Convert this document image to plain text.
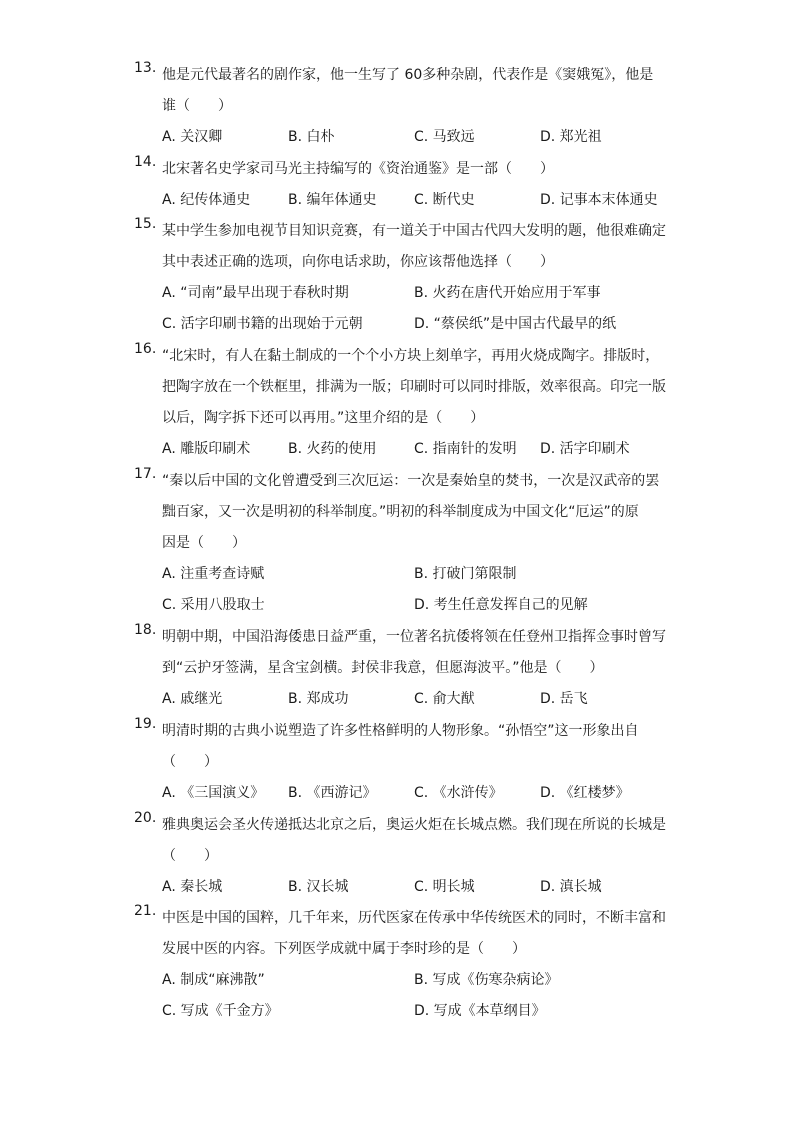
13. 他是元代最著名的剧作家，他一生写了 60多种杂剧，代表作是《窦娥冤》，他是
谁（　　）
A. 关汉卿	B. 白朴	C. 马致远	D. 郑光祖
14. 北宋著名史学家司马光主持编写的《资治通鉴》是一部（　　）
A. 纪传体通史	B. 编年体通史	C. 断代史	D. 记事本末体通史
15. 某中学生参加电视节目知识竞赛，有一道关于中国古代四大发明的题，他很难确定
其中表述正确的选项，向你电话求助，你应该帮他选择（　　）
A. “司南”最早出现于春秋时期	B. 火药在唐代开始应用于军事
C. 活字印刷书籍的出现始于元朝	D. “蔡侯纸”是中国古代最早的纸
16. “北宋时，有人在黏土制成的一个个小方块上刻单字，再用火烧成陶字。排版时，
把陶字放在一个铁框里，排满为一版；印刷时可以同时排版，效率很高。印完一版
以后，陶字拆下还可以再用。”这里介绍的是（　　）
A. 雕版印刷术	B. 火药的使用	C. 指南针的发明	D. 活字印刷术
17. “秦以后中国的文化曾遭受到三次厄运：一次是秦始皇的焚书，一次是汉武帝的罢
黜百家，又一次是明初的科举制度。”明初的科举制度成为中国文化“厄运”的原
因是（　　）
A. 注重考查诗赋	B. 打破门第限制
C. 采用八股取士	D. 考生任意发挥自己的见解
18. 明朝中期，中国沿海倭患日益严重，一位著名抗倭将领在任登州卫指挥佥事时曾写
到“云护牙签满，星含宝剑横。封侯非我意，但愿海波平。”他是（　　）
A. 戚继光	B. 郑成功	C. 俞大猷	D. 岳飞
19. 明清时期的古典小说塑造了许多性格鲜明的人物形象。“孙悟空”这一形象出自
（　　）
A. 《三国演义》	B. 《西游记》	C. 《水浒传》	D. 《红楼梦》
20. 雅典奥运会圣火传递抵达北京之后，奥运火炬在长城点燃。我们现在所说的长城是
（　　）
A. 秦长城	B. 汉长城	C. 明长城	D. 滇长城
21. 中医是中国的国粹，几千年来，历代医家在传承中华传统医术的同时，不断丰富和
发展中医的内容。下列医学成就中属于李时珍的是（　　）
A. 制成“麻沸散”	B. 写成《伤寒杂病论》
C. 写成《千金方》	D. 写成《本草纲目》
